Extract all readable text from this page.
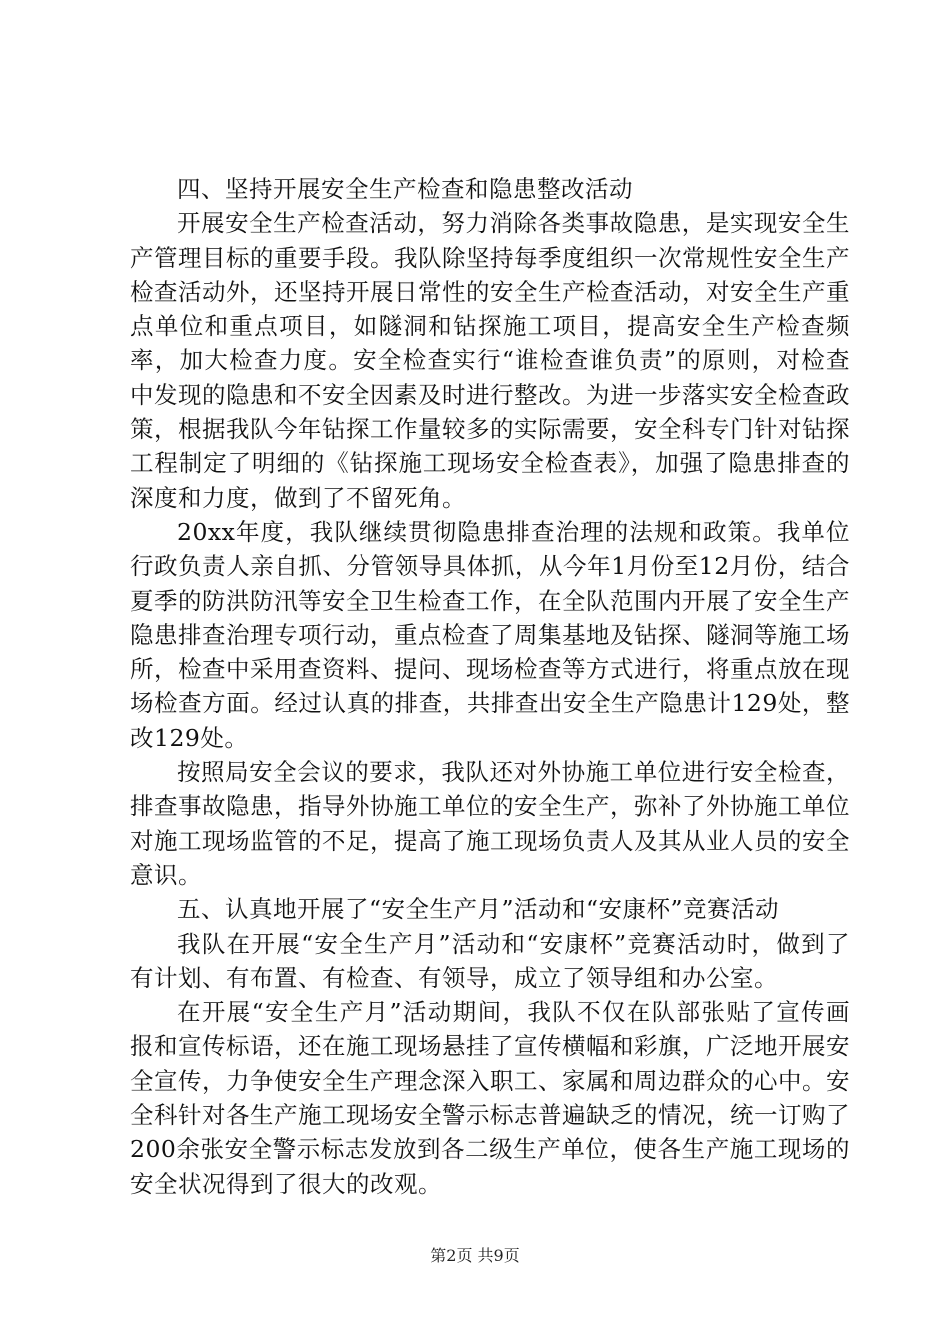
四、坚持开展安全生产检查和隐患整改活动

开展安全生产检查活动，努力消除各类事故隐患，是实现安全生产管理目标的重要手段。我队除坚持每季度组织一次常规性安全生产检查活动外，还坚持开展日常性的安全生产检查活动，对安全生产重点单位和重点项目，如隧洞和钻探施工项目，提高安全生产检查频率，加大检查力度。安全检查实行“谁检查谁负责”的原则，对检查中发现的隐患和不安全因素及时进行整改。为进一步落实安全检查政策，根据我队今年钻探工作量较多的实际需要，安全科专门针对钻探工程制定了明细的《钻探施工现场安全检查表》，加强了隐患排查的深度和力度，做到了不留死角。

20xx年度，我队继续贯彻隐患排查治理的法规和政策。我单位行政负责人亲自抓、分管领导具体抓，从今年1月份至12月份，结合夏季的防洪防汛等安全卫生检查工作，在全队范围内开展了安全生产隐患排查治理专项行动，重点检查了周集基地及钻探、隧洞等施工场所，检查中采用查资料、提问、现场检查等方式进行，将重点放在现场检查方面。经过认真的排查，共排查出安全生产隐患计129处，整改129处。

按照局安全会议的要求，我队还对外协施工单位进行安全检查，排查事故隐患，指导外协施工单位的安全生产，弥补了外协施工单位对施工现场监管的不足，提高了施工现场负责人及其从业人员的安全意识。

五、认真地开展了“安全生产月”活动和“安康杯”竞赛活动

我队在开展“安全生产月”活动和“安康杯”竞赛活动时，做到了有计划、有布置、有检查、有领导，成立了领导组和办公室。

在开展“安全生产月”活动期间，我队不仅在队部张贴了宣传画报和宣传标语，还在施工现场悬挂了宣传横幅和彩旗，广泛地开展安全宣传，力争使安全生产理念深入职工、家属和周边群众的心中。安全科针对各生产施工现场安全警示标志普遍缺乏的情况，统一订购了200余张安全警示标志发放到各二级生产单位，使各生产施工现场的安全状况得到了很大的改观。

第2页 共9页
